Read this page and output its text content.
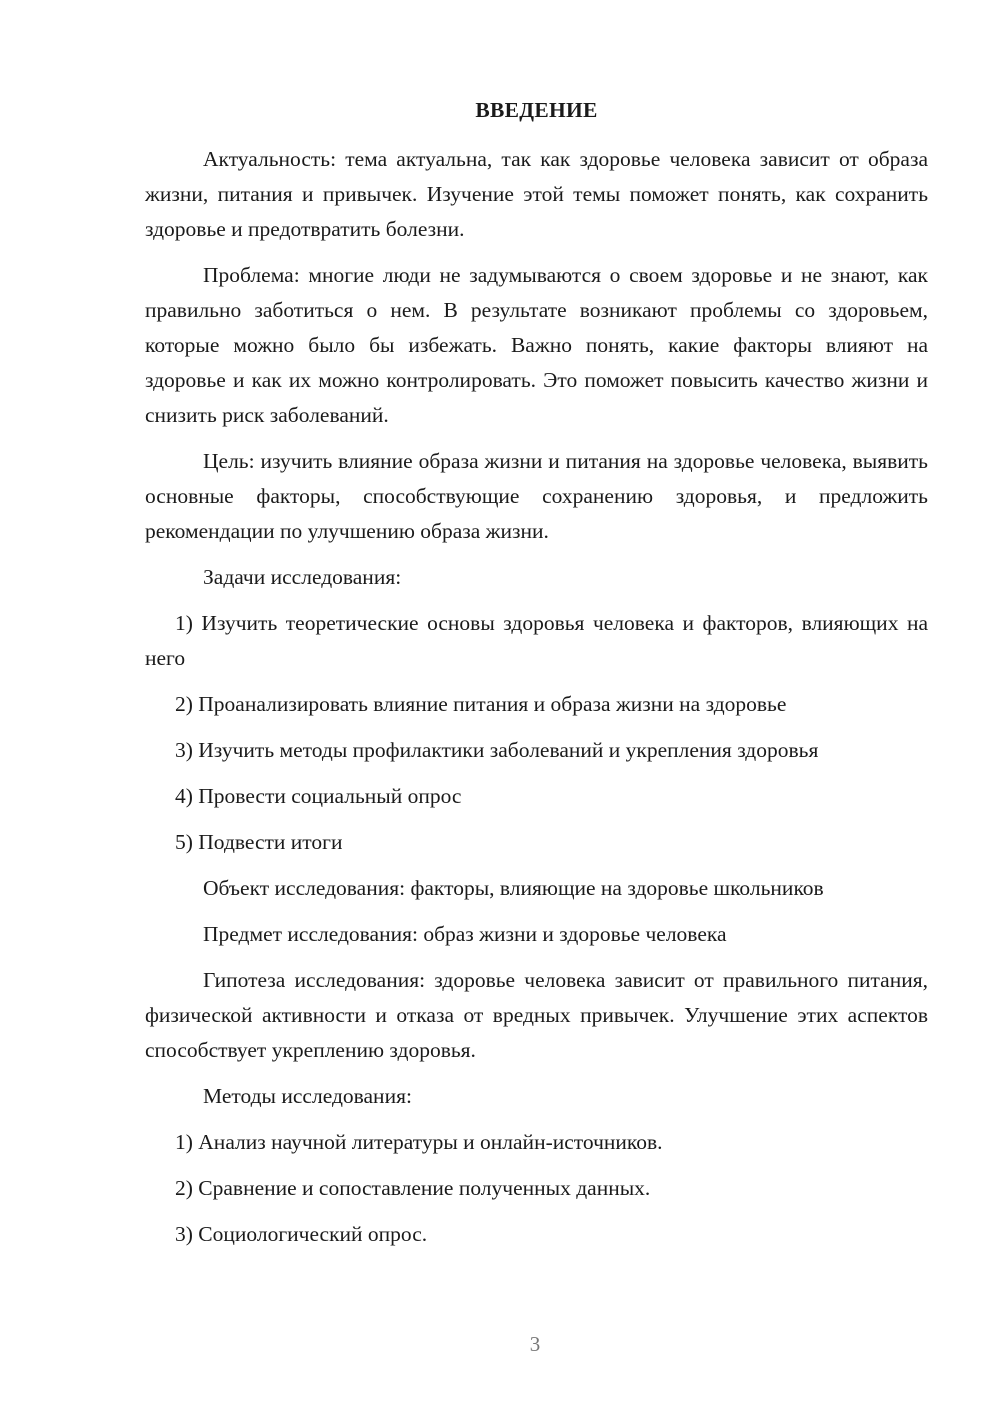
ВВЕДЕНИЕ

Актуальность: тема актуальна, так как здоровье человека зависит от образа жизни, питания и привычек. Изучение этой темы поможет понять, как сохранить здоровье и предотвратить болезни.

Проблема: многие люди не задумываются о своем здоровье и не знают, как правильно заботиться о нем. В результате возникают проблемы со здоровьем, которые можно было бы избежать. Важно понять, какие факторы влияют на здоровье и как их можно контролировать. Это поможет повысить качество жизни и снизить риск заболеваний.

Цель: изучить влияние образа жизни и питания на здоровье человека, выявить основные факторы, способствующие сохранению здоровья, и предложить рекомендации по улучшению образа жизни.

Задачи исследования:

1) Изучить теоретические основы здоровья человека и факторов, влияющих на него

2) Проанализировать влияние питания и образа жизни на здоровье

3) Изучить методы профилактики заболеваний и укрепления здоровья

4) Провести социальный опрос

5) Подвести итоги

Объект исследования: факторы, влияющие на здоровье школьников

Предмет исследования: образ жизни и здоровье человека

Гипотеза исследования: здоровье человека зависит от правильного питания, физической активности и отказа от вредных привычек. Улучшение этих аспектов способствует укреплению здоровья.

Методы исследования:

1) Анализ научной литературы и онлайн-источников.

2) Сравнение и сопоставление полученных данных.

3) Социологический опрос.

3
